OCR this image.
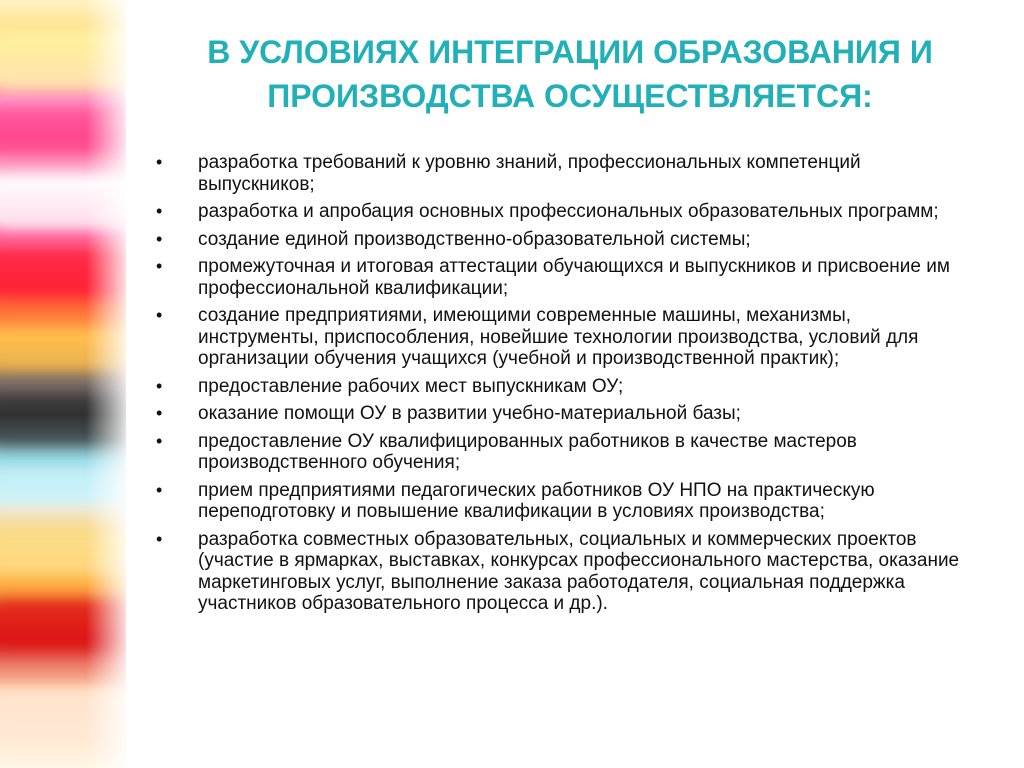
В УСЛОВИЯХ ИНТЕГРАЦИИ ОБРАЗОВАНИЯ И ПРОИЗВОДСТВА ОСУЩЕСТВЛЯЕТСЯ:
• разработка требований к уровню знаний, профессиональных компетенций выпускников;
• разработка и апробация основных профессиональных образовательных программ;
• создание единой производственно-образовательной системы;
• промежуточная и итоговая аттестации обучающихся и выпускников и присвоение им профессиональной квалификации;
• создание предприятиями, имеющими современные машины, механизмы, инструменты, приспособления, новейшие технологии производства, условий для организации обучения учащихся (учебной и производственной практик);
• предоставление рабочих мест выпускникам ОУ;
• оказание помощи ОУ в развитии учебно-материальной базы;
• предоставление ОУ квалифицированных работников в качестве мастеров производственного обучения;
• прием предприятиями педагогических работников ОУ НПО на практическую переподготовку и повышение квалификации в условиях производства;
• разработка совместных образовательных, социальных и коммерческих проектов (участие в ярмарках, выставках, конкурсах профессионального мастерства, оказание маркетинговых услуг, выполнение заказа работодателя, социальная поддержка участников образовательного процесса и др.).
